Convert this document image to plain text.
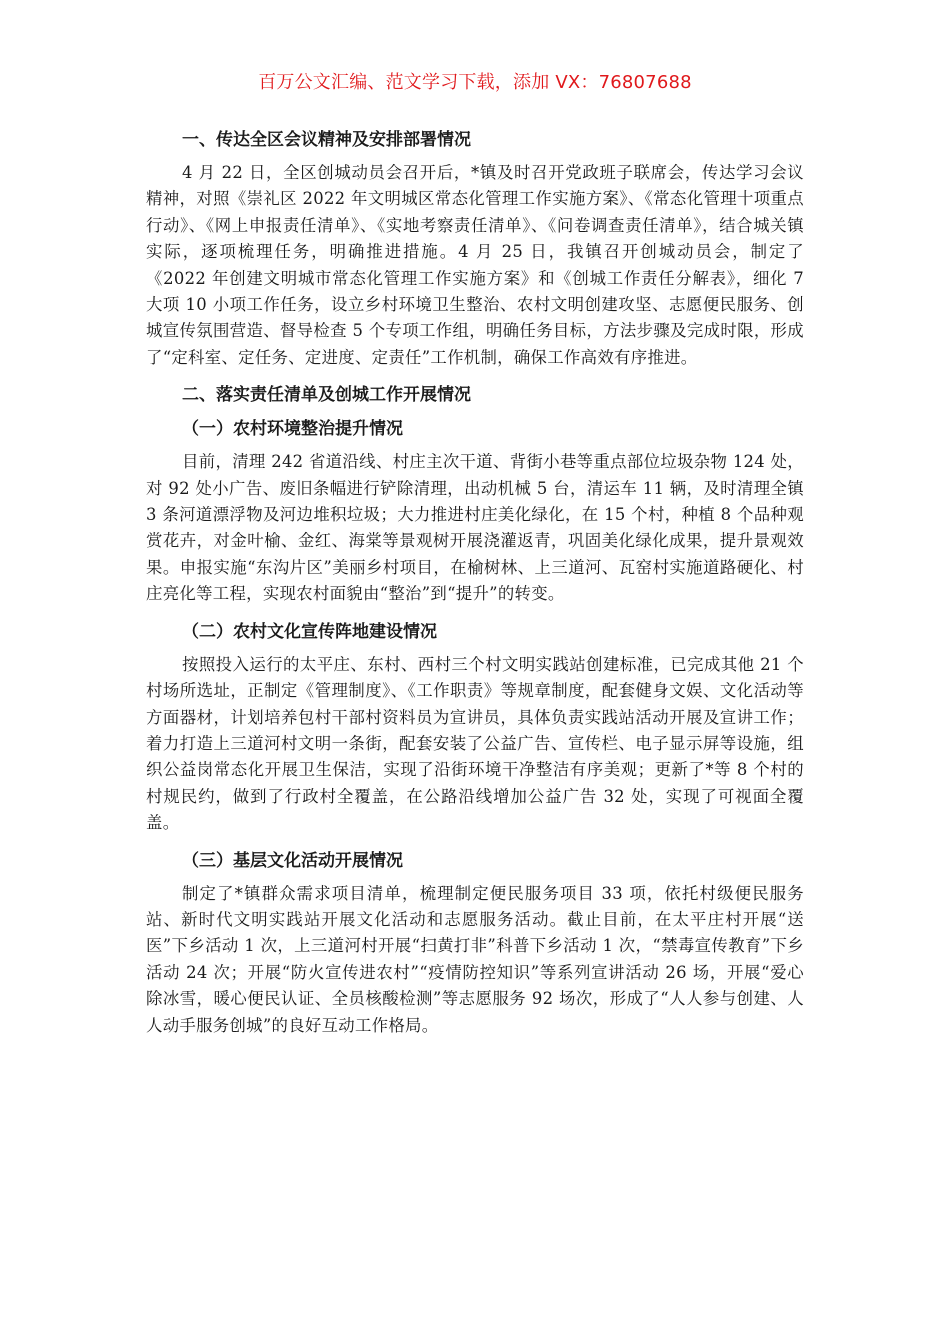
百万公文汇编、范文学习下载，添加 VX：76807688
一、传达全区会议精神及安排部署情况
4 月 22 日，全区创城动员会召开后，*镇及时召开党政班子联席会，传达学习会议精神，对照《崇礼区 2022 年文明城区常态化管理工作实施方案》、《常态化管理十项重点行动》、《网上申报责任清单》、《实地考察责任清单》、《问卷调查责任清单》，结合城关镇实际，逐项梳理任务，明确推进措施。4 月 25 日，我镇召开创城动员会，制定了《2022 年创建文明城市常态化管理工作实施方案》和《创城工作责任分解表》，细化 7 大项 10 小项工作任务，设立乡村环境卫生整治、农村文明创建攻坚、志愿便民服务、创城宣传氛围营造、督导检查 5 个专项工作组，明确任务目标，方法步骤及完成时限，形成了“定科室、定任务、定进度、定责任”工作机制，确保工作高效有序推进。
二、落实责任清单及创城工作开展情况
（一）农村环境整治提升情况
目前，清理 242 省道沿线、村庄主次干道、背街小巷等重点部位垃圾杂物 124 处，对 92 处小广告、废旧条幅进行铲除清理，出动机械 5 台，清运车 11 辆，及时清理全镇 3 条河道漂浮物及河边堆积垃圾；大力推进村庄美化绿化，在 15 个村，种植 8 个品种观赏花卉，对金叶榆、金红、海棠等景观树开展浇灌返青，巩固美化绿化成果，提升景观效果。申报实施“东沟片区”美丽乡村项目，在榆树林、上三道河、瓦窑村实施道路硬化、村庄亮化等工程，实现农村面貌由“整治”到“提升”的转变。
（二）农村文化宣传阵地建设情况
按照投入运行的太平庄、东村、西村三个村文明实践站创建标准，已完成其他 21 个村场所选址，正制定《管理制度》、《工作职责》等规章制度，配套健身文娱、文化活动等方面器材，计划培养包村干部村资料员为宣讲员，具体负责实践站活动开展及宣讲工作；着力打造上三道河村文明一条街，配套安装了公益广告、宣传栏、电子显示屏等设施，组织公益岗常态化开展卫生保洁，实现了沿街环境干净整洁有序美观；更新了*等 8 个村的村规民约，做到了行政村全覆盖，在公路沿线增加公益广告 32 处，实现了可视面全覆盖。
（三）基层文化活动开展情况
制定了*镇群众需求项目清单，梳理制定便民服务项目 33 项，依托村级便民服务站、新时代文明实践站开展文化活动和志愿服务活动。截止目前，在太平庄村开展“送医”下乡活动 1 次，上三道河村开展“扫黄打非”科普下乡活动 1 次，“禁毒宣传教育”下乡活动 24 次；开展“防火宣传进农村”“疫情防控知识”等系列宣讲活动 26 场，开展“爱心除冰雪，暖心便民认证、全员核酸检测”等志愿服务 92 场次，形成了“人人参与创建、人人动手服务创城”的良好互动工作格局。
